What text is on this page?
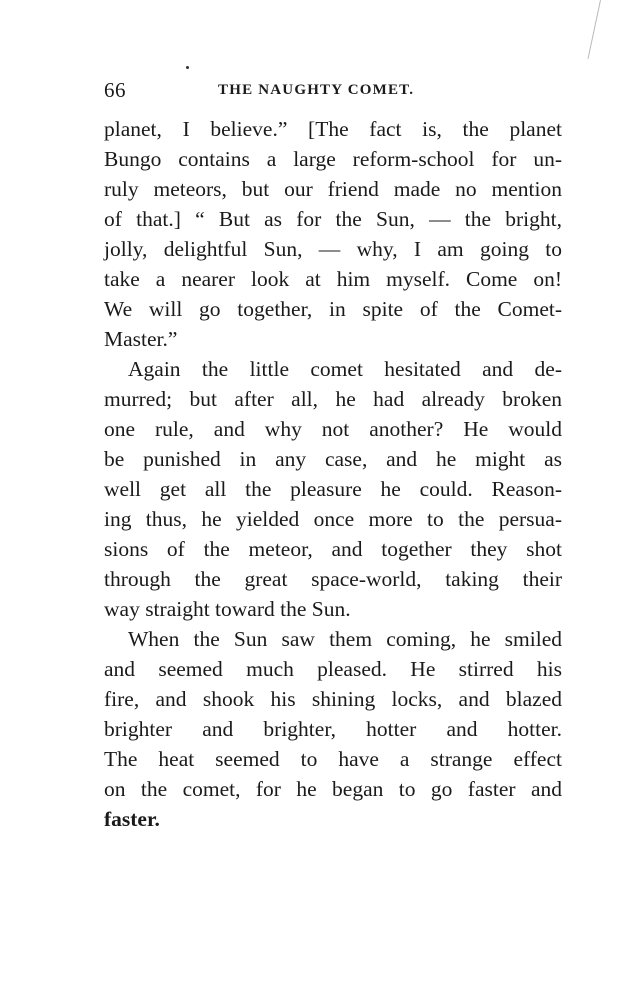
66	THE NAUGHTY COMET.
planet, I believe.” [The fact is, the planet
Bungo contains a large reform-school for un-
ruly meteors, but our friend made no mention
of that.] “ But as for the Sun, — the bright,
jolly, delightful Sun, — why, I am going to
take a nearer look at him myself. Come on!
We will go together, in spite of the Comet-
Master.”
Again the little comet hesitated and de-
murred; but after all, he had already broken
one rule, and why not another? He would
be punished in any case, and he might as
well get all the pleasure he could. Reason-
ing thus, he yielded once more to the persua-
sions of the meteor, and together they shot
through the great space-world, taking their
way straight toward the Sun.
When the Sun saw them coming, he smiled
and seemed much pleased. He stirred his
fire, and shook his shining locks, and blazed
brighter and brighter, hotter and hotter.
The heat seemed to have a strange effect
on the comet, for he began to go faster and
faster.
